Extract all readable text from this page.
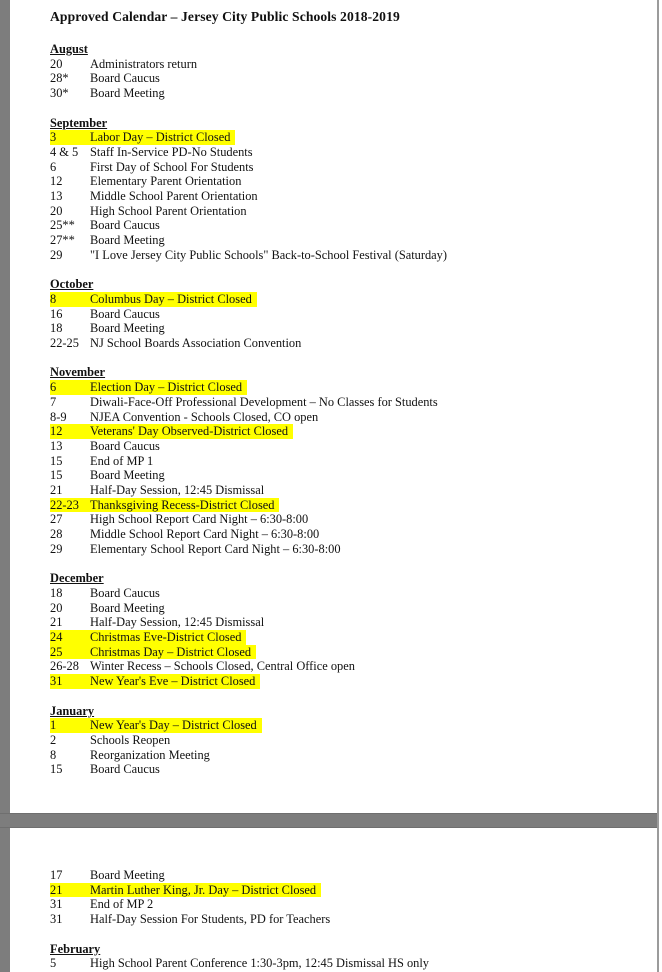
Approved Calendar – Jersey City Public Schools 2018-2019
August
20	Administrators return
28*	Board Caucus
30*	Board Meeting
September
3	Labor Day – District Closed
4 & 5 Staff In-Service PD-No Students
6	First Day of School For Students
12	Elementary Parent Orientation
13	Middle School Parent Orientation
20	High School Parent Orientation
25**	Board Caucus
27**	Board Meeting
29	"I Love Jersey City Public Schools" Back-to-School Festival (Saturday)
October
8	Columbus Day – District Closed
16	Board Caucus
18	Board Meeting
22-25 NJ School Boards Association Convention
November
6	Election Day – District Closed
7	Diwali-Face-Off Professional Development – No Classes for Students
8-9	NJEA Convention - Schools Closed, CO open
12	Veterans' Day Observed-District Closed
13	Board Caucus
15	End of MP 1
15	Board Meeting
21	Half-Day Session, 12:45 Dismissal
22-23 Thanksgiving Recess-District Closed
27	High School Report Card Night – 6:30-8:00
28	Middle School Report Card Night – 6:30-8:00
29	Elementary School Report Card Night – 6:30-8:00
December
18	Board Caucus
20	Board Meeting
21	Half-Day Session, 12:45 Dismissal
24	Christmas Eve-District Closed
25	Christmas Day – District Closed
26-28 Winter Recess – Schools Closed, Central Office open
31	New Year's Eve – District Closed
January
1	New Year's Day – District Closed
2	Schools Reopen
8	Reorganization Meeting
15	Board Caucus
17	Board Meeting
21	Martin Luther King, Jr. Day – District Closed
31	End of MP 2
31	Half-Day Session For Students, PD for Teachers
February
5	High School Parent Conference 1:30-3pm, 12:45 Dismissal HS only
